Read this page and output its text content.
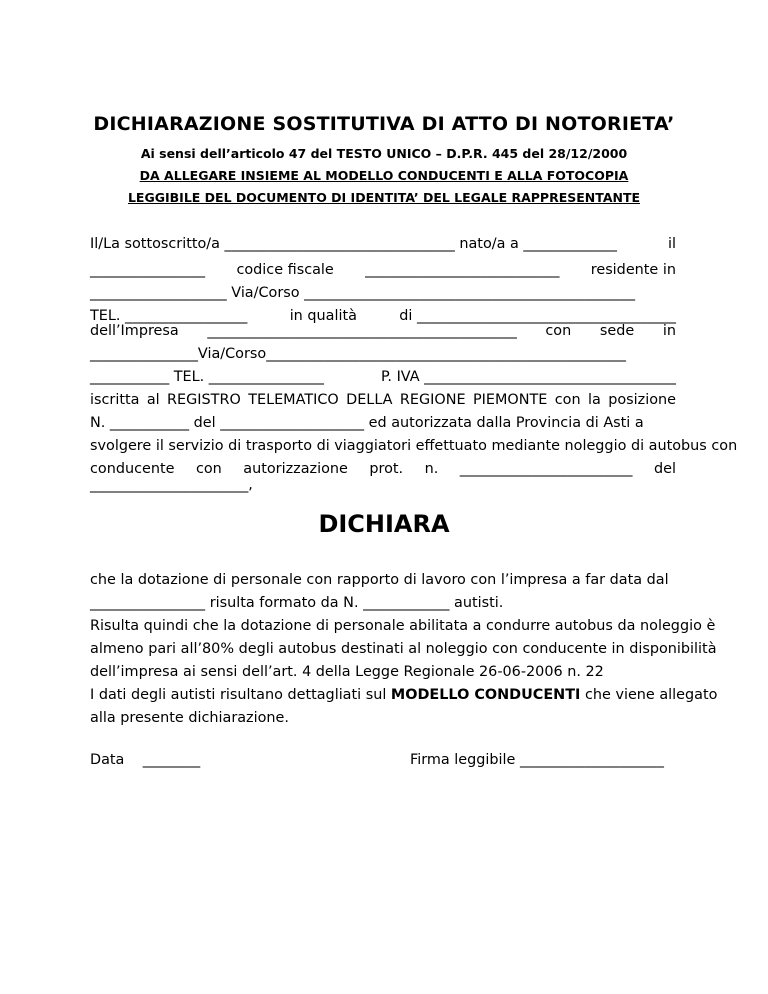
DICHIARAZIONE SOSTITUTIVA DI ATTO DI NOTORIETA’
Ai sensi dell’articolo 47 del TESTO UNICO – D.P.R. 445 del 28/12/2000
DA ALLEGARE INSIEME AL MODELLO CONDUCENTI E ALLA FOTOCOPIA
LEGGIBILE DEL DOCUMENTO DI IDENTITA’ DEL LEGALE RAPPRESENTANTE
Il/La sottoscritto/a ________________________________ nato/a a _____________	il
________________ codice fiscale ___________________________ residente in
___________________ Via/Corso ______________________________________________
TEL. _________________	in qualità	di ____________________________________
dell’Impresa ___________________________________________ con sede in
_______________Via/Corso__________________________________________________
___________ TEL. ________________	P. IVA ___________________________________
iscritta al REGISTRO TELEMATICO DELLA REGIONE PIEMONTE con la posizione
N. ___________ del ____________________ ed autorizzata dalla Provincia di Asti a
svolgere il servizio di trasporto di viaggiatori effettuato mediante noleggio di autobus con
conducente con autorizzazione prot. n. ________________________ del
______________________,
DICHIARA
che la dotazione di personale con rapporto di lavoro con l’impresa a far data dal
________________ risulta formato da N. ____________ autisti.
Risulta quindi che la dotazione di personale abilitata a condurre autobus da noleggio è
almeno pari all’80% degli autobus destinati al noleggio con conducente in disponibilità
dell’impresa ai sensi dell’art. 4 della Legge Regionale 26-06-2006 n. 22
I dati degli autisti risultano dettagliati sul MODELLO CONDUCENTI che viene allegato
alla presente dichiarazione.
Data ________	Firma leggibile ____________________
